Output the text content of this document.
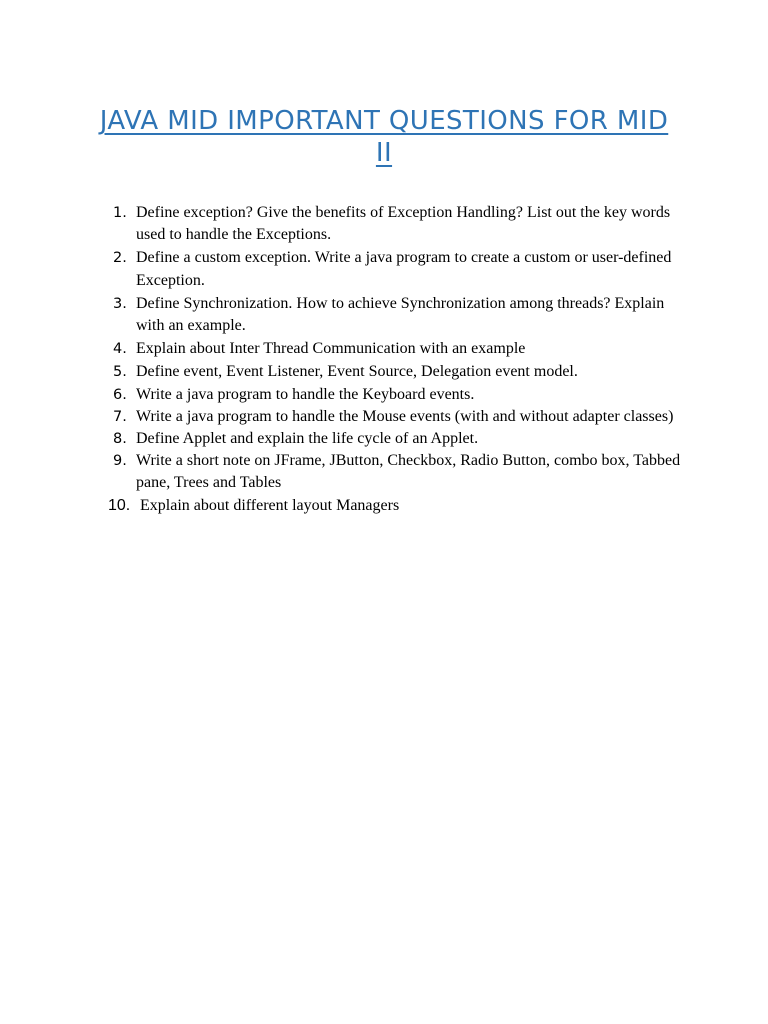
JAVA MID IMPORTANT QUESTIONS FOR MID II
1. Define exception? Give the benefits of Exception Handling? List out the key words used to handle the Exceptions.
2. Define a custom exception. Write a java program to create a custom or user-defined Exception.
3. Define Synchronization. How to achieve Synchronization among threads? Explain with an example.
4. Explain about Inter Thread Communication with an example
5. Define event, Event Listener, Event Source, Delegation event model.
6. Write a java program to handle the Keyboard events.
7. Write a java program to handle the Mouse events (with and without adapter classes)
8. Define Applet and explain the life cycle of an Applet.
9. Write a short note on JFrame, JButton, Checkbox, Radio Button, combo box, Tabbed pane, Trees and Tables
10. Explain about different layout Managers
